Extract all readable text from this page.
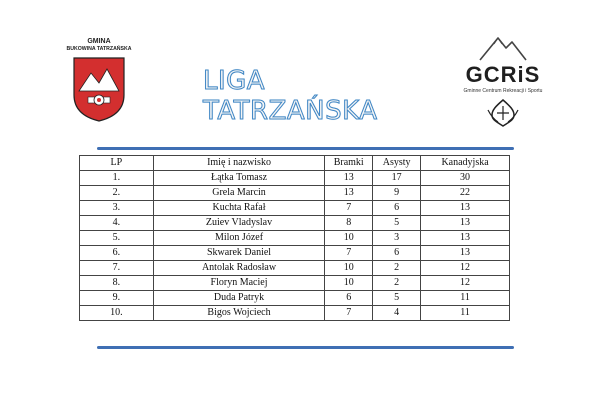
GMINA
BUKOWINA TATRZAŃSKA
LIGA TATRZAŃSKA
GCRiS
Gminne Centrum Rekreacji i Sportu
LP	Imię i nazwisko	Bramki	Asysty	Kanadyjska
1.	Łątka Tomasz	13	17	30
2.	Grela Marcin	13	9	22
3.	Kuchta Rafał	7	6	13
4.	Zuiev Vladyslav	8	5	13
5.	Milon Józef	10	3	13
6.	Skwarek Daniel	7	6	13
7.	Antolak Radosław	10	2	12
8.	Floryn Maciej	10	2	12
9.	Duda Patryk	6	5	11
10.	Bigos Wojciech	7	4	11
